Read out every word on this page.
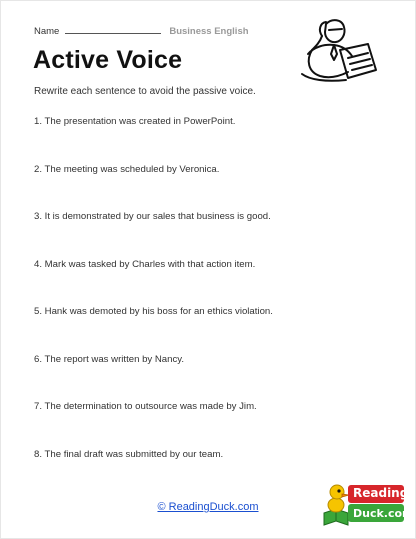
Name	Business English
Active Voice
Rewrite each sentence to avoid the passive voice.
1. The presentation was created in PowerPoint.
2. The meeting was scheduled by Veronica.
3. It is demonstrated by our sales that business is good.
4. Mark was tasked by Charles with that action item.
5. Hank was demoted by his boss for an ethics violation.
6. The report was written by Nancy.
7. The determination to outsource was made by Jim.
8. The final draft was submitted by our team.
© ReadingDuck.com
Reading
Duck.com
